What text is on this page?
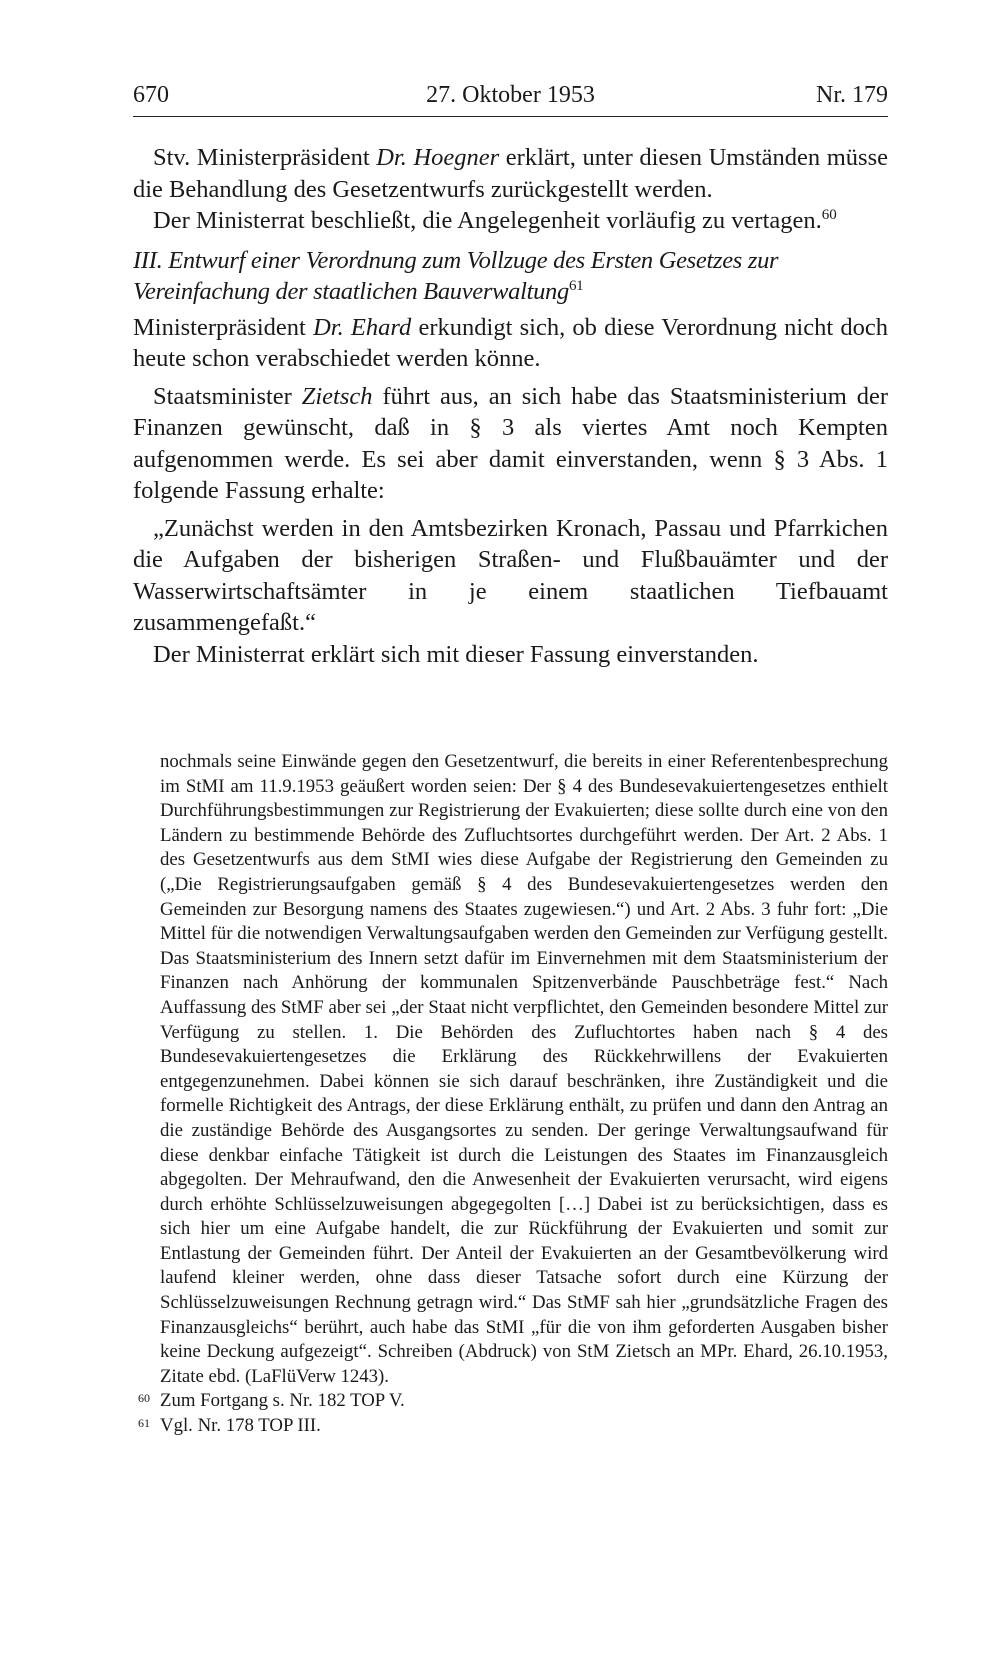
670	27. Oktober 1953	Nr. 179

Stv. Ministerpräsident Dr. Hoegner erklärt, unter diesen Umständen müsse die Behandlung des Gesetzentwurfs zurückgestellt werden.

Der Ministerrat beschließt, die Angelegenheit vorläufig zu vertagen.$^{60}$

III. Entwurf einer Verordnung zum Vollzuge des Ersten Gesetzes zur Vereinfachung der staatlichen Bauverwaltung$^{61}$

Ministerpräsident Dr. Ehard erkundigt sich, ob diese Verordnung nicht doch heute schon verabschiedet werden könne.

Staatsminister Zietsch führt aus, an sich habe das Staatsministerium der Finanzen gewünscht, daß in § 3 als viertes Amt noch Kempten aufgenommen werde. Es sei aber damit einverstanden, wenn § 3 Abs. 1 folgende Fassung erhalte:

„Zunächst werden in den Amtsbezirken Kronach, Passau und Pfarrkichen die Aufgaben der bisherigen Straßen- und Flußbauämter und der Wasserwirtschaftsämter in je einem staatlichen Tiefbauamt zusammengefaßt.“

Der Ministerrat erklärt sich mit dieser Fassung einverstanden.

nochmals seine Einwände gegen den Gesetzentwurf, die bereits in einer Referentenbesprechung im StMI am 11.9.1953 geäußert worden seien: Der § 4 des Bundesevakuiertengesetzes enthielt Durchführungsbestimmungen zur Registrierung der Evakuierten; diese sollte durch eine von den Ländern zu bestimmende Behörde des Zufluchtsortes durchgeführt werden. Der Art. 2 Abs. 1 des Gesetzentwurfs aus dem StMI wies diese Aufgabe der Registrierung den Gemeinden zu („Die Registrierungsaufgaben gemäß § 4 des Bundesevakuiertengesetzes werden den Gemeinden zur Besorgung namens des Staates zugewiesen.“) und Art. 2 Abs. 3 fuhr fort: „Die Mittel für die notwendigen Verwaltungsaufgaben werden den Gemeinden zur Verfügung gestellt. Das Staatsministerium des Innern setzt dafür im Einvernehmen mit dem Staatsministerium der Finanzen nach Anhörung der kommunalen Spitzenverbände Pauschbeträge fest.“ Nach Auffassung des StMF aber sei „der Staat nicht verpflichtet, den Gemeinden besondere Mittel zur Verfügung zu stellen. 1. Die Behörden des Zufluchtortes haben nach § 4 des Bundesevakuiertengesetzes die Erklärung des Rückkehrwillens der Evakuierten entgegenzunehmen. Dabei können sie sich darauf beschränken, ihre Zuständigkeit und die formelle Richtigkeit des Antrags, der diese Erklärung enthält, zu prüfen und dann den Antrag an die zuständige Behörde des Ausgangsortes zu senden. Der geringe Verwaltungsaufwand für diese denkbar einfache Tätigkeit ist durch die Leistungen des Staates im Finanzausgleich abgegolten. Der Mehraufwand, den die Anwesenheit der Evakuierten verursacht, wird eigens durch erhöhte Schlüsselzuweisungen abgegegolten […] Dabei ist zu berücksichtigen, dass es sich hier um eine Aufgabe handelt, die zur Rückführung der Evakuierten und somit zur Entlastung der Gemeinden führt. Der Anteil der Evakuierten an der Gesamtbevölkerung wird laufend kleiner werden, ohne dass dieser Tatsache sofort durch eine Kürzung der Schlüsselzuweisungen Rechnung getragn wird.“ Das StMF sah hier „grundsätzliche Fragen des Finanzausgleichs“ berührt, auch habe das StMI „für die von ihm geforderten Ausgaben bisher keine Deckung aufgezeigt“. Schreiben (Abdruck) von StM Zietsch an MPr. Ehard, 26.10.1953, Zitate ebd. (LaFlüVerw 1243).

60 Zum Fortgang s. Nr. 182 TOP V.

61 Vgl. Nr. 178 TOP III.
